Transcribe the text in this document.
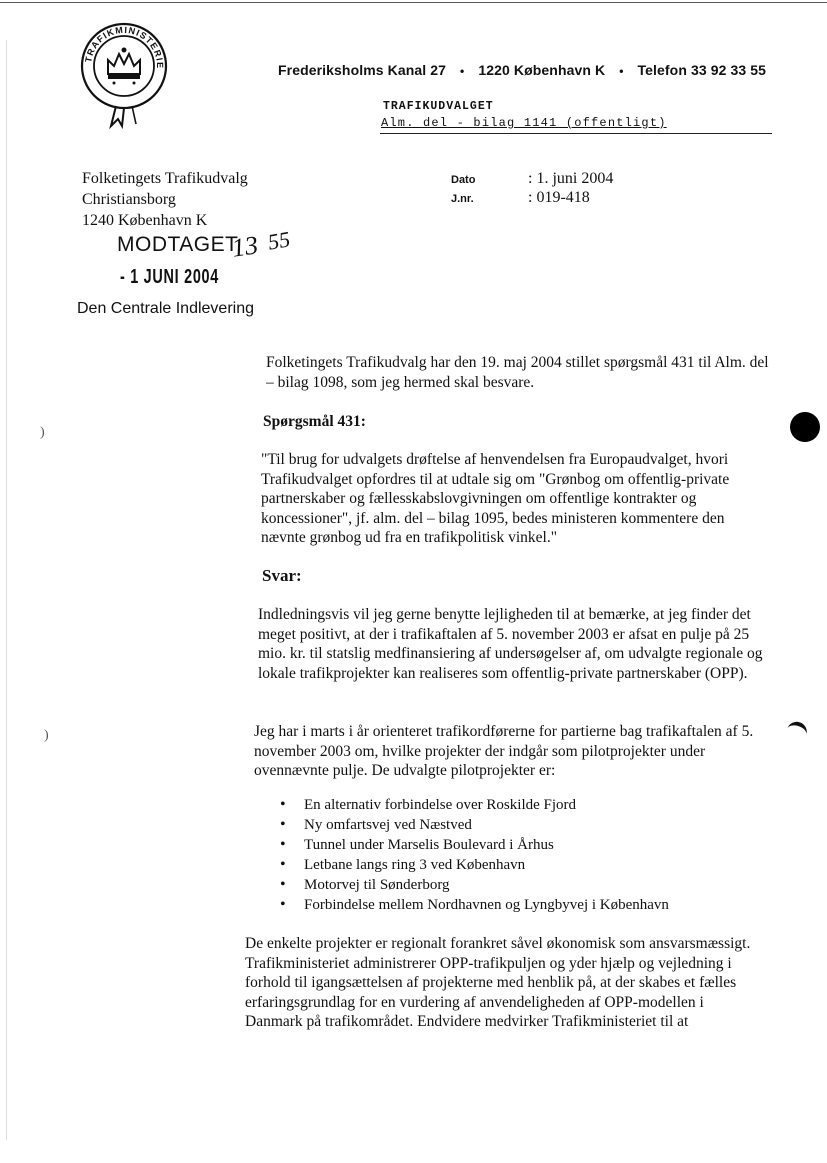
TRAFIKMINISTERIE	Frederiksholms Kanal 27 • 1220 København K • Telefon 33 92 33 55
TRAFIKUDVALGET
Alm. del - bilag 1141 (offentligt)
Folketingets Trafikudvalg
Christiansborg
1240 København K
Dato	: 1. juni 2004
J.nr.	: 019-418
MODTAGET
- 1 JUNI 2004
13 55
Den Centrale Indlevering
Folketingets Trafikudvalg har den 19. maj 2004 stillet spørgsmål 431 til Alm. del – bilag 1098, som jeg hermed skal besvare.
Spørgsmål 431:
"Til brug for udvalgets drøftelse af henvendelsen fra Europaudvalget, hvori Trafikudvalget opfordres til at udtale sig om "Grønbog om offentlig-private partnerskaber og fællesskabslovgivningen om offentlige kontrakter og koncessioner", jf. alm. del – bilag 1095, bedes ministeren kommentere den nævnte grønbog ud fra en trafikpolitisk vinkel."
Svar:
Indledningsvis vil jeg gerne benytte lejligheden til at bemærke, at jeg finder det meget positivt, at der i trafikaftalen af 5. november 2003 er afsat en pulje på 25 mio. kr. til statslig medfinansiering af undersøgelser af, om udvalgte regionale og lokale trafikprojekter kan realiseres som offentlig-private partnerskaber (OPP).
Jeg har i marts i år orienteret trafikordførerne for partierne bag trafikaftalen af 5. november 2003 om, hvilke projekter der indgår som pilotprojekter under ovennævnte pulje. De udvalgte pilotprojekter er:
• En alternativ forbindelse over Roskilde Fjord
• Ny omfartsvej ved Næstved
• Tunnel under Marselis Boulevard i Århus
• Letbane langs ring 3 ved København
• Motorvej til Sønderborg
• Forbindelse mellem Nordhavnen og Lyngbyvej i København
De enkelte projekter er regionalt forankret såvel økonomisk som ansvarsmæssigt. Trafikministeriet administrerer OPP-trafikpuljen og yder hjælp og vejledning i forhold til igangsættelsen af projekterne med henblik på, at der skabes et fælles erfaringsgrundlag for en vurdering af anvendeligheden af OPP-modellen i Danmark på trafikområdet. Endvidere medvirker Trafikministeriet til at
)
)
